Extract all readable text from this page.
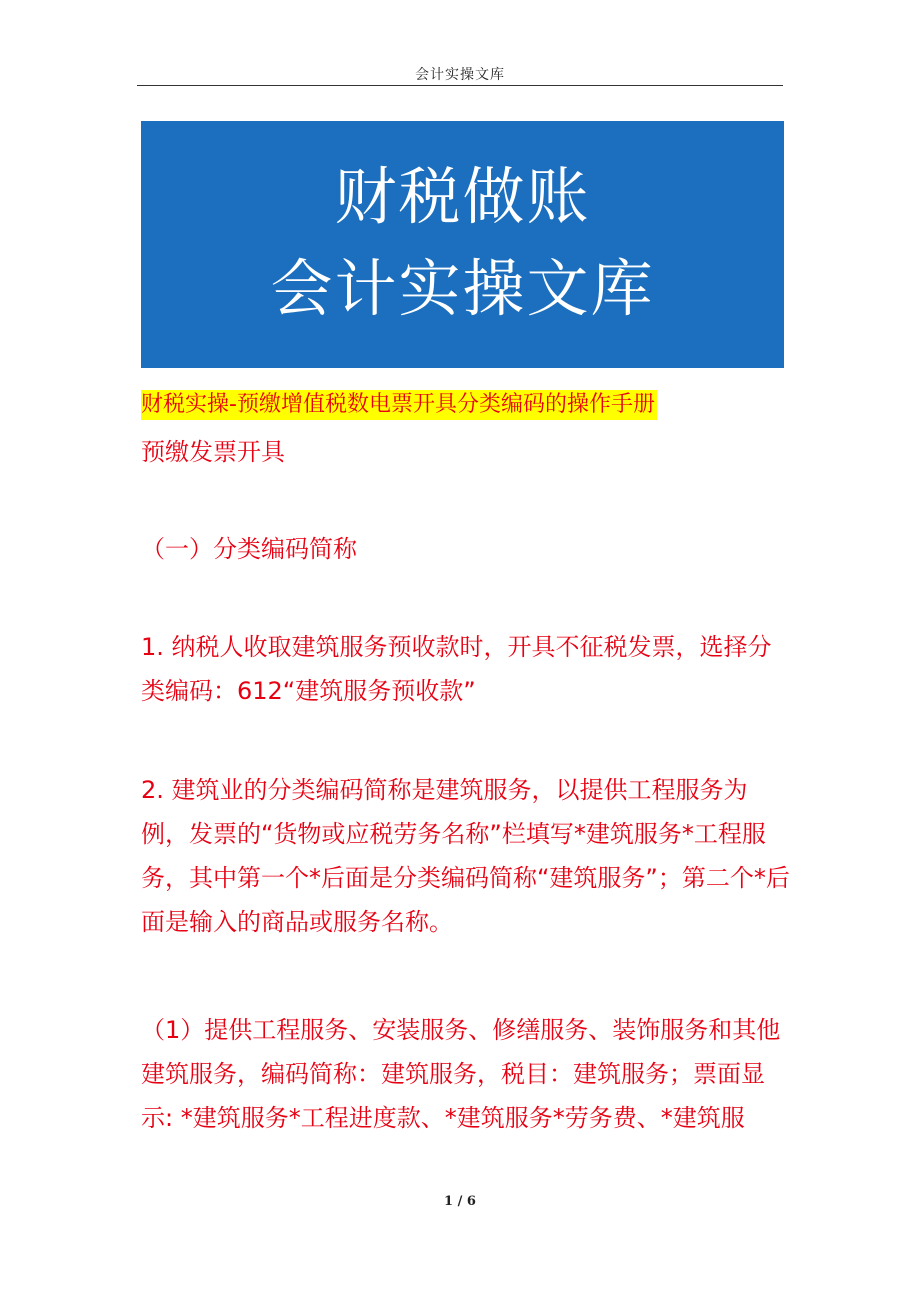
会计实操文库
财税做账
会计实操文库
财税实操-预缴增值税数电票开具分类编码的操作手册
预缴发票开具
（一）分类编码简称
1. 纳税人收取建筑服务预收款时，开具不征税发票，选择分类编码：612“建筑服务预收款”
2. 建筑业的分类编码简称是建筑服务，以提供工程服务为例，发票的“货物或应税劳务名称”栏填写*建筑服务*工程服务，其中第一个*后面是分类编码简称“建筑服务”；第二个*后面是输入的商品或服务名称。
（1）提供工程服务、安装服务、修缮服务、装饰服务和其他建筑服务，编码简称：建筑服务，税目：建筑服务；票面显示: *建筑服务*工程进度款、*建筑服务*劳务费、*建筑服
1 / 6
